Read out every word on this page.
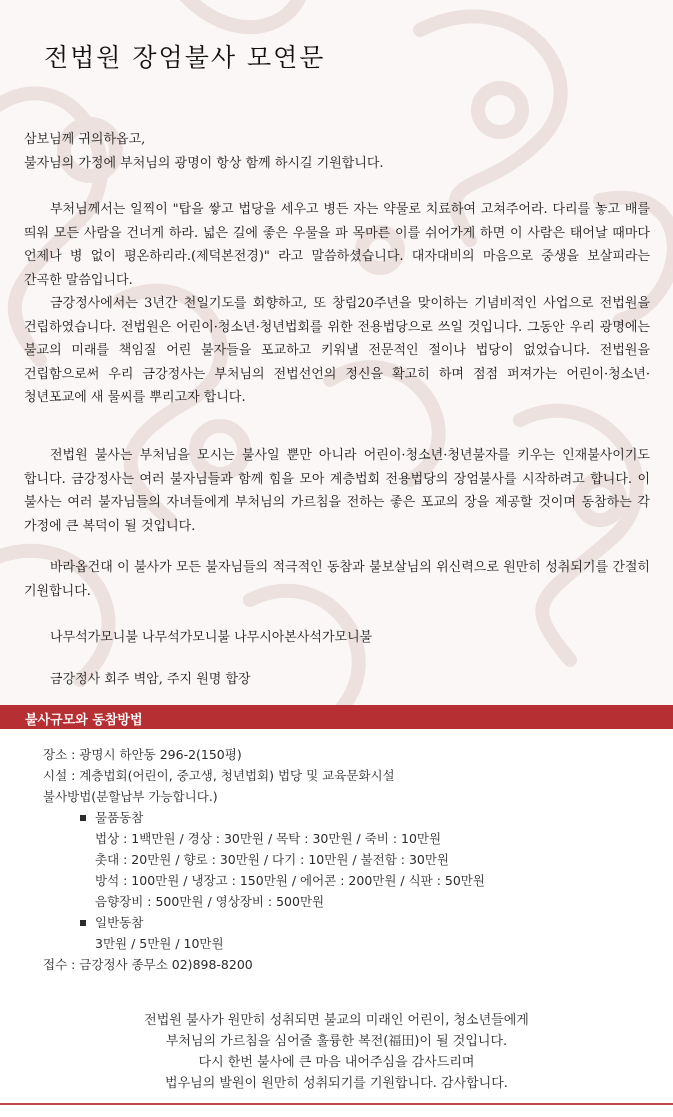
전법원 장엄불사 모연문

삼보님께 귀의하옵고,
불자님의 가정에 부처님의 광명이 항상 함께 하시길 기원합니다.

부처님께서는 일찍이 "탑을 쌓고 법당을 세우고 병든 자는 약물로 치료하여 고쳐주어라. 다리를 놓고 배를 띄워 모든 사람을 건너게 하라. 넓은 길에 좋은 우물을 파 목마른 이를 쉬어가게 하면 이 사람은 태어날 때마다 언제나 병 없이 평온하리라.(제덕본전경)" 라고 말씀하셨습니다. 대자대비의 마음으로 중생을 보살피라는 간곡한 말씀입니다.

금강정사에서는 3년간 천일기도를 회향하고, 또 창립20주년을 맞이하는 기념비적인 사업으로 전법원을 건립하였습니다. 전법원은 어린이·청소년·청년법회를 위한 전용법당으로 쓰일 것입니다. 그동안 우리 광명에는 불교의 미래를 책임질 어린 불자들을 포교하고 키워낼 전문적인 절이나 법당이 없었습니다. 전법원을 건립함으로써 우리 금강정사는 부처님의 전법선언의 정신을 확고히 하며 점점 퍼져가는 어린이·청소년·청년포교에 새 물씨를 뿌리고자 합니다.

전법원 불사는 부처님을 모시는 불사일 뿐만 아니라 어린이·청소년·청년불자를 키우는 인재불사이기도 합니다. 금강정사는 여러 불자님들과 함께 힘을 모아 계층법회 전용법당의 장엄불사를 시작하려고 합니다. 이 불사는 여러 불자님들의 자녀들에게 부처님의 가르침을 전하는 좋은 포교의 장을 제공할 것이며 동참하는 각 가정에 큰 복덕이 될 것입니다.

바라옵건대 이 불사가 모든 불자님들의 적극적인 동참과 불보살님의 위신력으로 원만히 성취되기를 간절히 기원합니다.

나무석가모니불 나무석가모니불 나무시아본사석가모니불

금강정사 회주 벽암, 주지 원명 합장

불사규모와 동참방법

장소 : 광명시 하안동 296-2(150평)

시설 : 계층법회(어린이, 중고생, 청년법회) 법당 및 교육문화시설

불사방법(분할납부 가능합니다.)

물품동참

법상 : 1백만원 / 경상 : 30만원 / 목탁 : 30만원 / 죽비 : 10만원

촛대 : 20만원 / 향로 : 30만원 / 다기 : 10만원 / 불전함 : 30만원

방석 : 100만원 / 냉장고 : 150만원 / 에어콘 : 200만원 / 식판 : 50만원

음향장비 : 500만원 / 영상장비 : 500만원

일반동참

3만원 / 5만원 / 10만원

접수 : 금강정사 종무소 02)898-8200

전법원 불사가 원만히 성취되면 불교의 미래인 어린이, 청소년들에게

부처님의 가르침을 심어줄 훌륭한 복전(福田)이 될 것입니다.

다시 한번 불사에 큰 마음 내어주심을 감사드리며

법우님의 발원이 원만히 성취되기를 기원합니다. 감사합니다.
